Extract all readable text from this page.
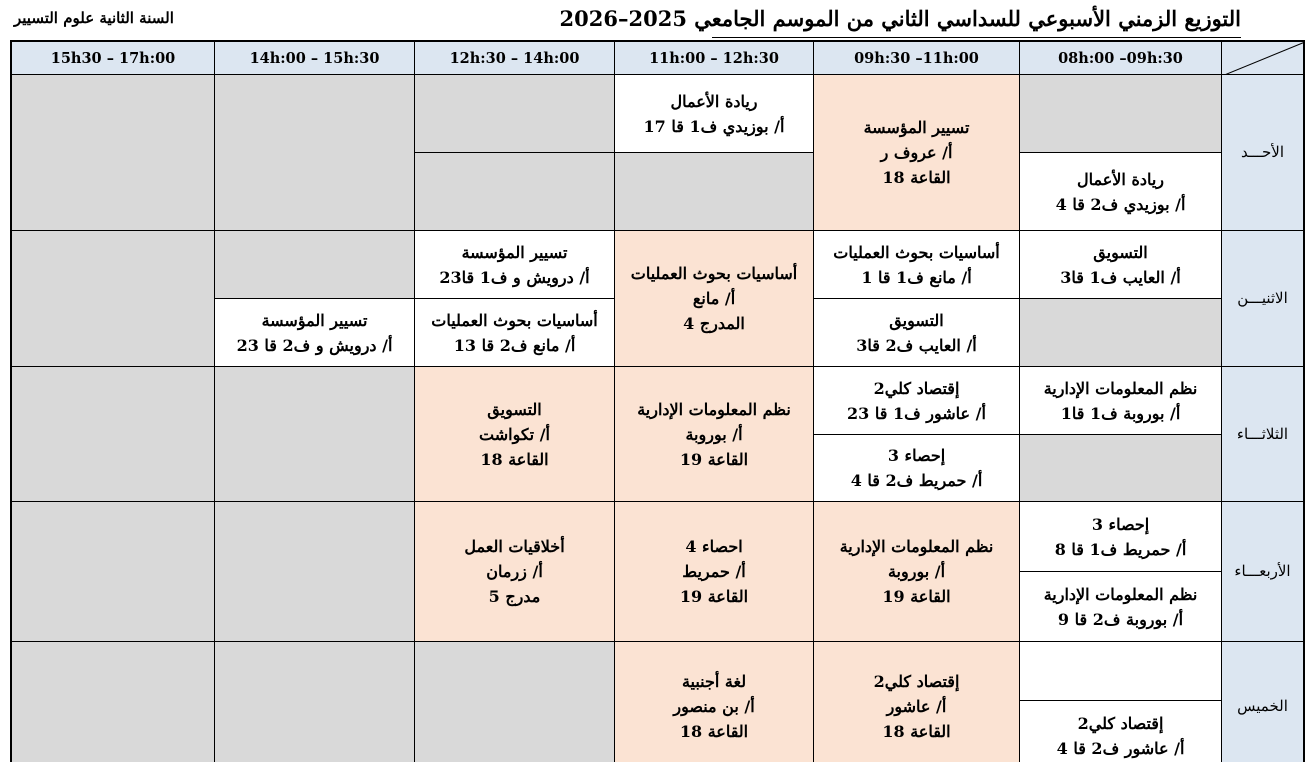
التوزيع الزمني الأسبوعي للسداسي الثاني من الموسم الجامعي 2025–2026
السنة الثانية علوم التسيير
08h:00 –09h:30
09h:30 –11h:00
11h:00 – 12h:30
12h:30 – 14h:00
14h:00 – 15h:30
15h30 – 17h:00
الأحـــد
الاثنيـــن
الثلاثـــاء
الأربعـــاء
الخميس
ريادة الأعمال
أ/ بوزيدي ف2 قا 4
تسيير المؤسسة
أ/ عروف ر
القاعة 18
ريادة الأعمال
أ/ بوزيدي ف1 قا 17
التسويق
أ/ العايب ف1 قا3
أساسيات بحوث العمليات
أ/ مانع ف1 قا 1
التسويق
أ/ العايب ف2 قا3
أساسيات بحوث العمليات
أ/ مانع
المدرج 4
تسيير المؤسسة
أ/ درويش و ف1 قا23
أساسيات بحوث العمليات
أ/ مانع ف2 قا 13
تسيير المؤسسة
أ/ درويش و ف2 قا 23
نظم المعلومات الإدارية
أ/ بوروبة ف1 قا1
إقتصاد كلي2
أ/ عاشور ف1 قا 23
إحصاء 3
أ/ حمريط ف2 قا 4
نظم المعلومات الإدارية
أ/ بوروبة
القاعة 19
التسويق
أ/ تكواشت
القاعة 18
إحصاء 3
أ/ حمريط ف1 قا 8
نظم المعلومات الإدارية
أ/ بوروبة ف2 قا 9
نظم المعلومات الإدارية
أ/ بوروبة
القاعة 19
احصاء 4
أ/ حمريط
القاعة 19
أخلاقيات العمل
أ/ زرمان
مدرج 5
إقتصاد كلي2
أ/ عاشور ف2 قا 4
إقتصاد كلي2
أ/ عاشور
القاعة 18
لغة أجنبية
أ/ بن منصور
القاعة 18
